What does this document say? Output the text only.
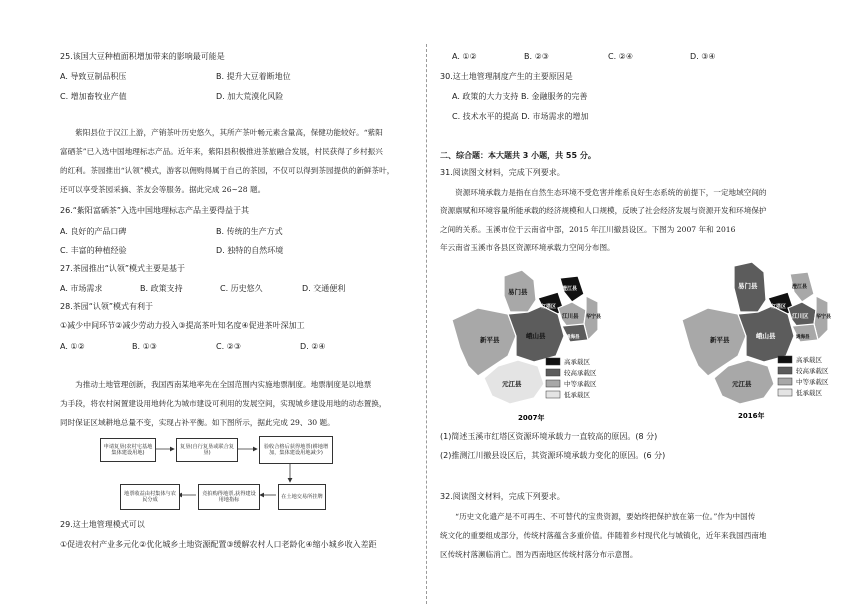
25.该国大豆种植面积增加带来的影响最可能是
A. 导致豆制品积压	B. 提升大豆着断地位
C. 增加畜牧业产值	D. 加大荒漠化风险
　　紫阳县位于汉江上游，产销茶叶历史悠久，其所产茶叶畅元素含量高，保健功能较好。“紫阳
富硒茶”已入选中国地理标志产品。近年来，紫阳县积极推进茶旅融合发展，村民获得了乡村振兴
的红利。茶园推出“认领”模式，游客以佣购得属于自己的茶园，不仅可以得到茶园提供的新鲜茶叶，
还可以享受茶园采摘、茶友会等服务。据此完成 26~28 题。
26.“紫阳富硒茶”入选中国地理标志产品主要得益于其
A. 良好的产品口碑	B. 传统的生产方式
C. 丰富的种植经验	D. 独特的自然环境
27.茶园推出“认领”模式主要是基于
A. 市场需求	B. 政策支持	C. 历史悠久	D. 交通便利
28.茶园“认领”模式有利于
①减少中间环节②减少劳动力投入③提高茶叶知名度④促进茶叶深加工
A. ①②	B. ①③	C. ②③	D. ②④
　　为推动土地管理创新，我国西南某地率先在全国范围内实施地票制度。地票制度是以地票
为手段，将农村闲置建设用地转化为城市建设可利用的发展空间，实现城乡建设用地的动态置换，
同时保证区域耕地总量不变，实现占补平衡。如下图所示，据此完成 29、30 题。
申请复垦(农村宅基地集体建设用地)
复垦(自行复垦或联合复垦)
验收合格后获得地票(耕地增加，集体建设用地减少)
在土地交易所挂牌
竞拍购得地票,获得建设用地指标
地票收益由村集体与农民分成
29.这土地管理模式可以
①促进农村产业多元化②优化城乡土地资源配置③缓解农村人口老龄化④缩小城乡收入差距
A. ①②	B. ②③	C. ②④	D. ③④
30.这土地管理制度产生的主要原因是
A. 政策的大力支持 B. 金融服务的完善
C. 技术水平的提高 D. 市场需求的增加
二、综合题：本大题共 3 小题，共 55 分。
31.阅读图文材料，完成下列要求。
　　资源环境承载力是指在自然生态环境不受危害并维系良好生态系统的前提下，一定地域空间的
资源禀赋和环境容量所能承载的经济规模和人口规模，反映了社会经济发展与资源开发和环境保护
之间的关系。玉溪市位于云南省中部，2015 年江川撤县设区。下图为 2007 年和 2016
年云南省玉溪市各县区资源环境承载力空间分布图。
新平县
易门县
峨山县
红塔区
澄江县
江川县 华宁县
通海县
元江县
新平县
易门县
峨山县
红塔区
澄江县
江川区 华宁县
通海县
元江县
高承载区
较高承载区
中等承载区
低承载区
高承载区
较高承载区
中等承载区
低承载区
2007年	2016年
(1)简述玉溪市红塔区资源环境承载力一直较高的原因。(8 分)
(2)推测江川撤县设区后，其资源环境承载力变化的原因。(6 分)
32.阅读图文材料，完成下列要求。
　　“历史文化遗产是不可再生、不可替代的宝贵资源，要始终把保护放在第一位。”作为中国传
统文化的重要组成部分，传统村落蕴含多重价值。伴随着乡村现代化与城镇化，近年来我国西南地
区传统村落濒临消亡。图为西南地区传统村落分布示意图。
